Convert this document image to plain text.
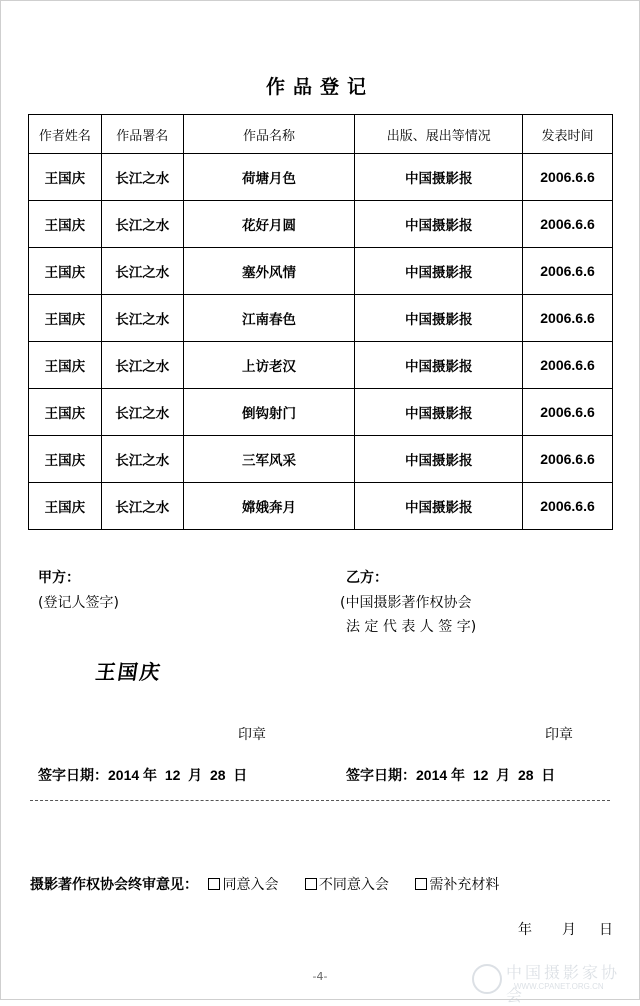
作品登记
作者姓名	作品署名	作品名称	出版、展出等情况	发表时间
王国庆	长江之水	荷塘月色	中国摄影报	2006.6.6
王国庆	长江之水	花好月圆	中国摄影报	2006.6.6
王国庆	长江之水	塞外风情	中国摄影报	2006.6.6
王国庆	长江之水	江南春色	中国摄影报	2006.6.6
王国庆	长江之水	上访老汉	中国摄影报	2006.6.6
王国庆	长江之水	倒钩射门	中国摄影报	2006.6.6
王国庆	长江之水	三军风采	中国摄影报	2006.6.6
王国庆	长江之水	嫦娥奔月	中国摄影报	2006.6.6
甲方：
(登记人签字)
乙方：
(中国摄影著作权协会
法 定 代 表 人 签 字)
王国庆
印章	印章
签字日期：2014 年  12  月  28  日	签字日期：2014 年  12  月  28  日
摄影著作权协会终审意见： 同意入会	不同意入会	需补充材料
年 月 日
-4-	中国摄影家协会
WWW.CPANET.ORG.CN
